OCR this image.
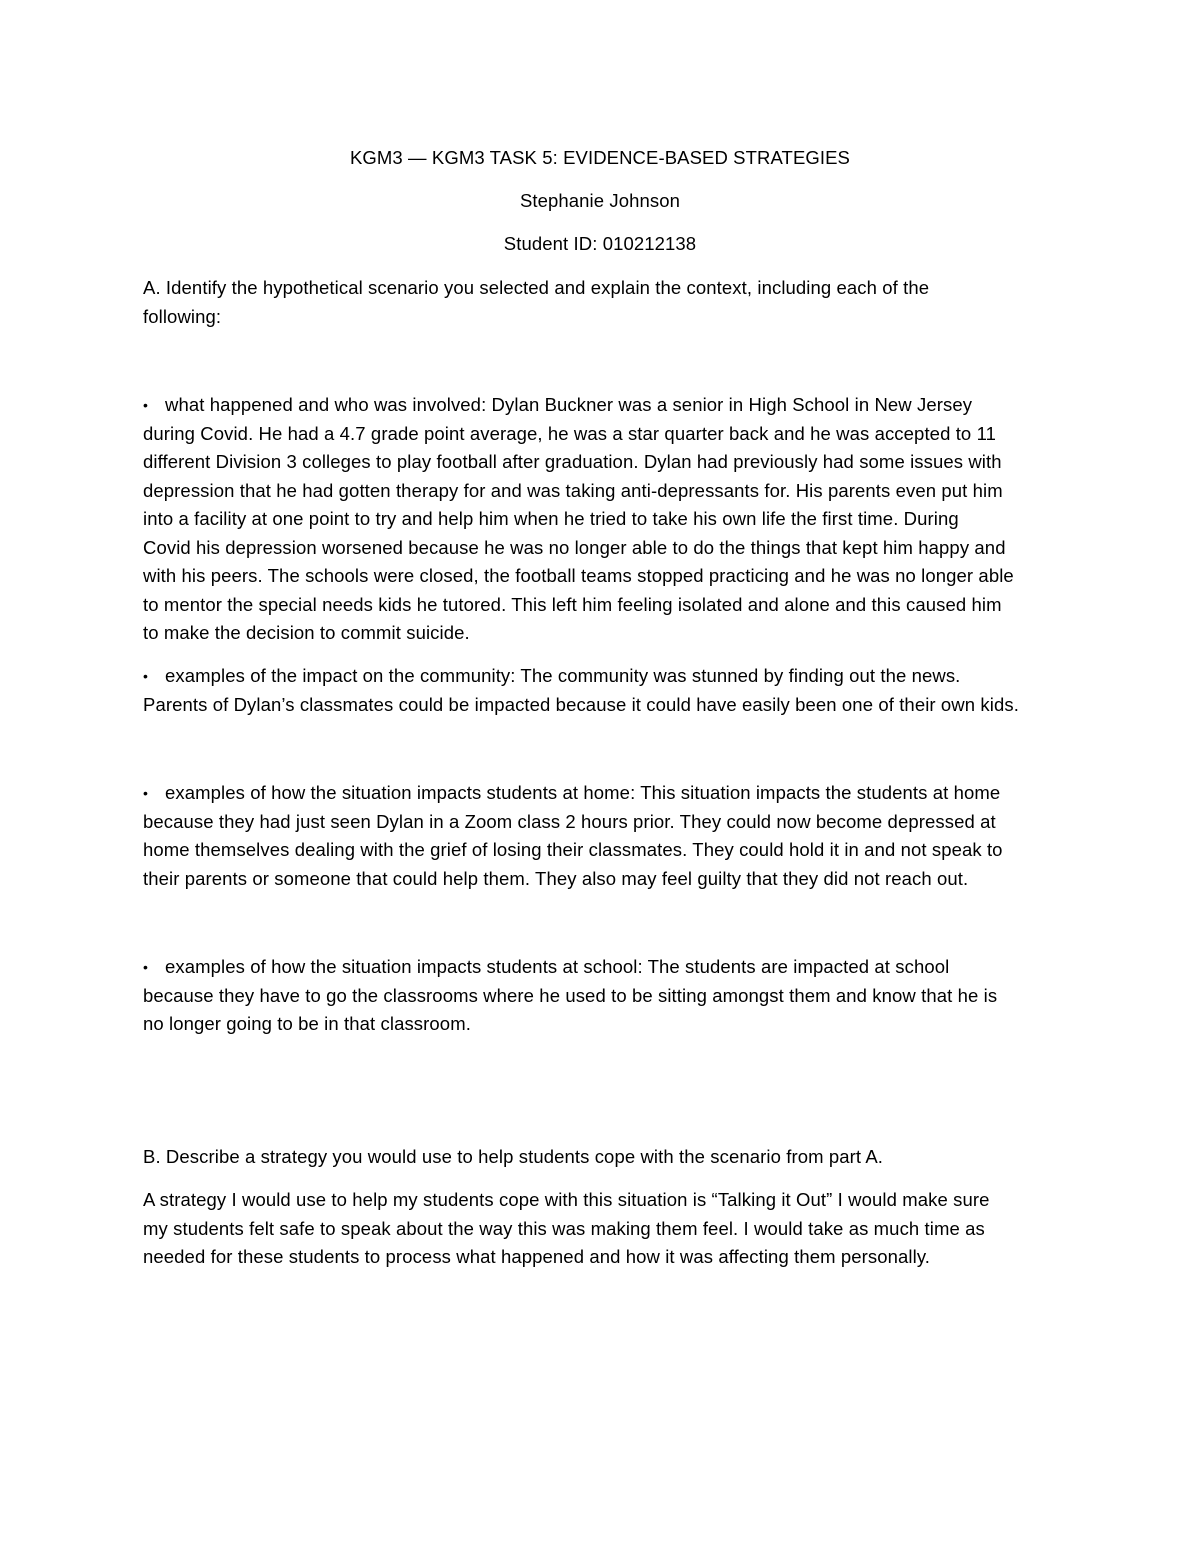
KGM3 — KGM3 TASK 5: EVIDENCE-BASED STRATEGIES

Stephanie Johnson

Student ID: 010212138

A. Identify the hypothetical scenario you selected and explain the context, including each of the

following:

• what happened and who was involved: Dylan Buckner was a senior in High School in New Jersey

during Covid. He had a 4.7 grade point average, he was a star quarter back and he was accepted to 11

different Division 3 colleges to play football after graduation. Dylan had previously had some issues with

depression that he had gotten therapy for and was taking anti-depressants for. His parents even put him

into a facility at one point to try and help him when he tried to take his own life the first time. During

Covid his depression worsened because he was no longer able to do the things that kept him happy and

with his peers. The schools were closed, the football teams stopped practicing and he was no longer able

to mentor the special needs kids he tutored. This left him feeling isolated and alone and this caused him

to make the decision to commit suicide.

• examples of the impact on the community: The community was stunned by finding out the news.

Parents of Dylan’s classmates could be impacted because it could have easily been one of their own kids.

• examples of how the situation impacts students at home: This situation impacts the students at home

because they had just seen Dylan in a Zoom class 2 hours prior. They could now become depressed at

home themselves dealing with the grief of losing their classmates. They could hold it in and not speak to

their parents or someone that could help them. They also may feel guilty that they did not reach out.

• examples of how the situation impacts students at school: The students are impacted at school

because they have to go the classrooms where he used to be sitting amongst them and know that he is

no longer going to be in that classroom.

B. Describe a strategy you would use to help students cope with the scenario from part A.

A strategy I would use to help my students cope with this situation is “Talking it Out” I would make sure

my students felt safe to speak about the way this was making them feel. I would take as much time as

needed for these students to process what happened and how it was affecting them personally.
